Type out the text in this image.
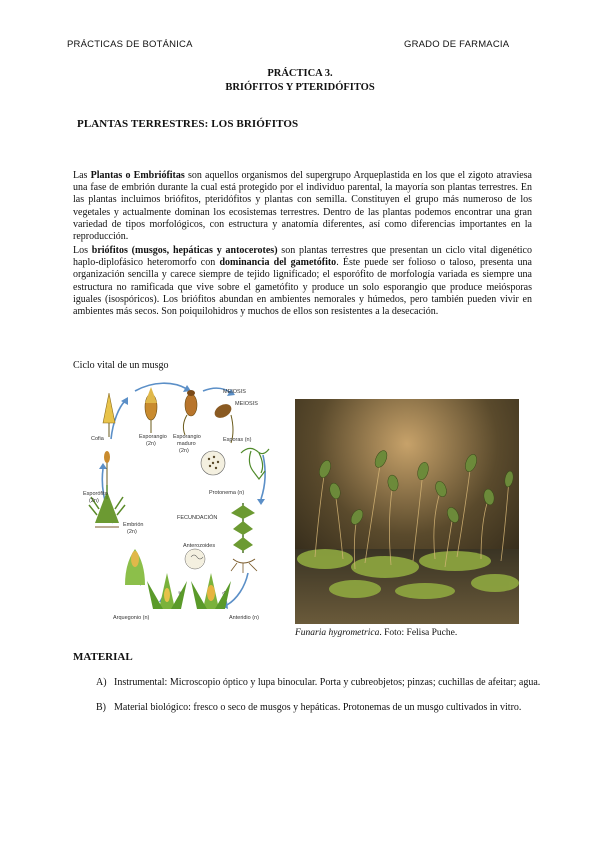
PRÁCTICAS DE BOTÁNICA	GRADO DE FARMACIA
PRÁCTICA 3.
BRIÓFITOS Y PTERIDÓFITOS
PLANTAS TERRESTRES: LOS BRIÓFITOS

Las Plantas o Embriófitas son aquellos organismos del supergrupo Arqueplastida en los que el zigoto atraviesa una fase de embrión durante la cual está protegido por el individuo parental, la mayoría son plantas terrestres. En las plantas incluimos briófitos, pteridófitos y plantas con semilla. Constituyen el grupo más numeroso de los vegetales y actualmente dominan los ecosistemas terrestres. Dentro de las plantas podemos encontrar una gran variedad de tipos morfológicos, con estructura y anatomía diferentes, así como diferencias importantes en la reproducción.

Los briófitos (musgos, hepáticas y antocerotes) son plantas terrestres que presentan un ciclo vital digenético haplo-diplofásico heteromorfo con dominancia del gametófito. Éste puede ser folioso o taloso, presenta una organización sencilla y carece siempre de tejido lignificado; el esporófito de morfología variada es siempre una estructura no ramificada que vive sobre el gametófito y produce un solo esporangio que produce meiósporas iguales (isospóricos). Los briófitos abundan en ambientes nemorales y húmedos, pero también pueden vivir en ambientes más secos. Son poiquilohidros y muchos de ellos son resistentes a la desecación.

Ciclo vital de un musgo
Cofia	Esporangio
(2n)
Esporangio
maduro
(2n)
MEIOSIS
MEIOSIS
Esporas (n)
Esporófito
(2n)
Protonema (n)
FECUNDACIÓN
Embrión
(2n)
Anterozoides
Arquegonio (n)	Anteridio (n)
♀	♂
Funaria hygrometrica. Foto: Felisa Puche.
MATERIAL
A) Instrumental: Microscopio óptico y lupa binocular. Porta y cubreobjetos; pinzas; cuchillas de afeitar; agua.
B) Material biológico: fresco o seco de musgos y hepáticas. Protonemas de un musgo cultivados in vitro.
